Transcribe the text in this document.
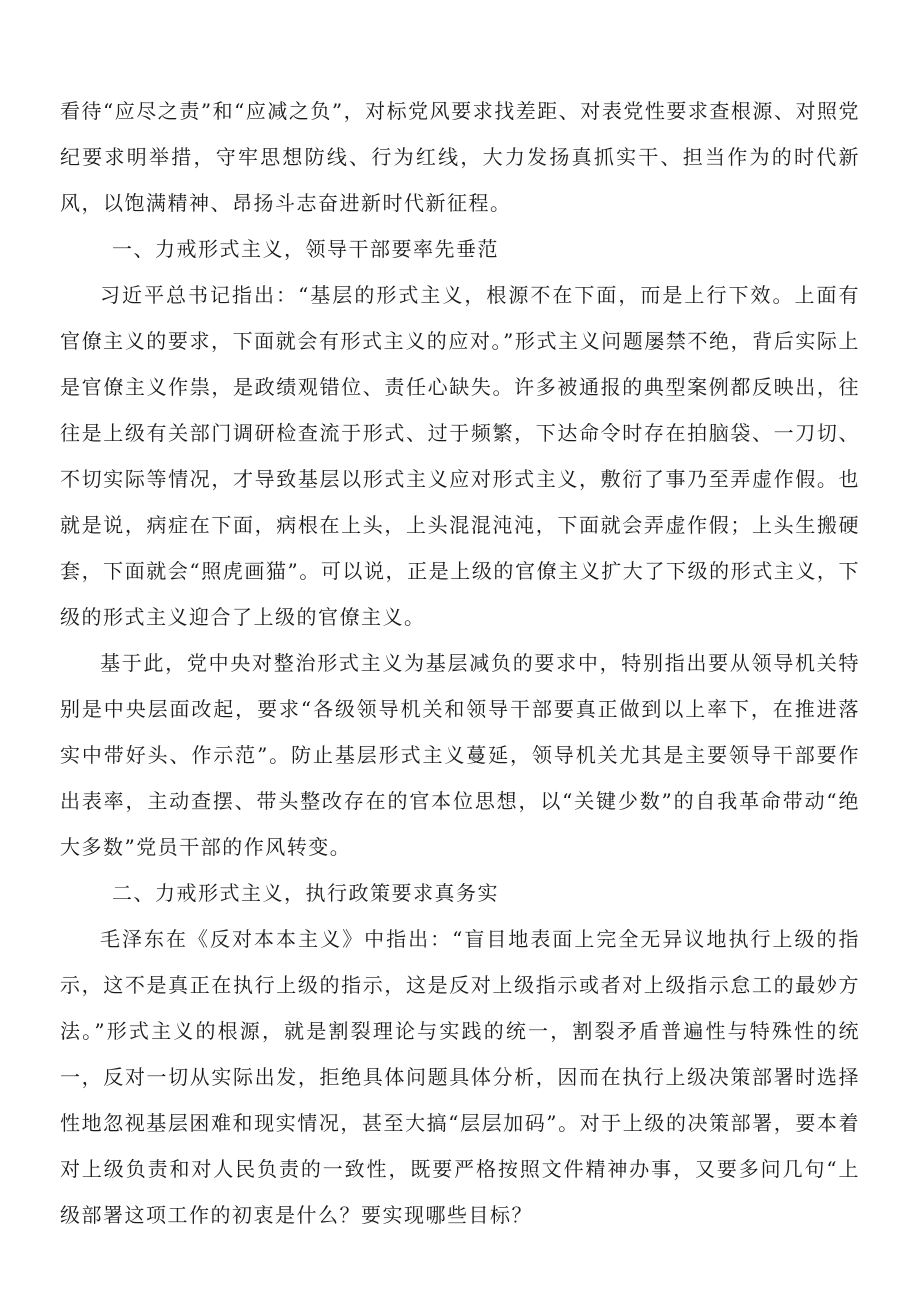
看待“应尽之责”和“应减之负”，对标党风要求找差距、对表党性要求查根源、对照党纪要求明举措，守牢思想防线、行为红线，大力发扬真抓实干、担当作为的时代新风，以饱满精神、昂扬斗志奋进新时代新征程。

一、力戒形式主义，领导干部要率先垂范

习近平总书记指出：“基层的形式主义，根源不在下面，而是上行下效。上面有官僚主义的要求，下面就会有形式主义的应对。”形式主义问题屡禁不绝，背后实际上是官僚主义作祟，是政绩观错位、责任心缺失。许多被通报的典型案例都反映出，往往是上级有关部门调研检查流于形式、过于频繁，下达命令时存在拍脑袋、一刀切、不切实际等情况，才导致基层以形式主义应对形式主义，敷衍了事乃至弄虚作假。也就是说，病症在下面，病根在上头，上头混混沌沌，下面就会弄虚作假；上头生搬硬套，下面就会“照虎画猫”。可以说，正是上级的官僚主义扩大了下级的形式主义，下级的形式主义迎合了上级的官僚主义。

基于此，党中央对整治形式主义为基层减负的要求中，特别指出要从领导机关特别是中央层面改起，要求“各级领导机关和领导干部要真正做到以上率下，在推进落实中带好头、作示范”。防止基层形式主义蔓延，领导机关尤其是主要领导干部要作出表率，主动查摆、带头整改存在的官本位思想，以“关键少数”的自我革命带动“绝大多数”党员干部的作风转变。

二、力戒形式主义，执行政策要求真务实

毛泽东在《反对本本主义》中指出：“盲目地表面上完全无异议地执行上级的指示，这不是真正在执行上级的指示，这是反对上级指示或者对上级指示怠工的最妙方法。”形式主义的根源，就是割裂理论与实践的统一，割裂矛盾普遍性与特殊性的统一，反对一切从实际出发，拒绝具体问题具体分析，因而在执行上级决策部署时选择性地忽视基层困难和现实情况，甚至大搞“层层加码”。对于上级的决策部署，要本着对上级负责和对人民负责的一致性，既要严格按照文件精神办事，又要多问几句“上级部署这项工作的初衷是什么？要实现哪些目标？
